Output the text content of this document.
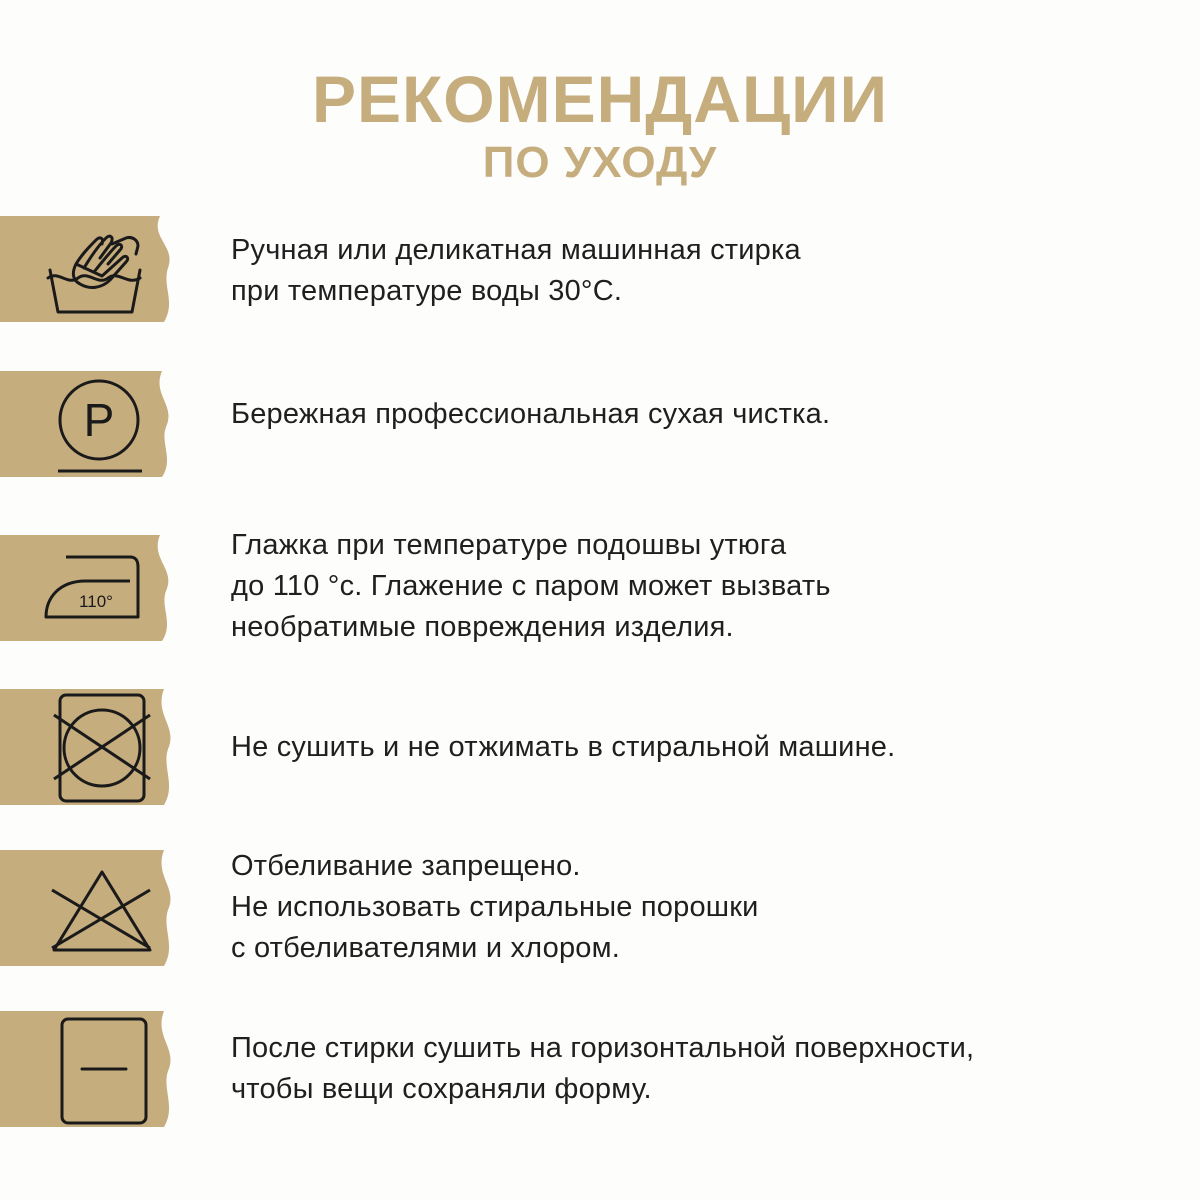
РЕКОМЕНДАЦИИ
ПО УХОДУ

Ручная или деликатная машинная стирка
при температуре воды 30°С.

P	Бережная профессиональная сухая чистка.

110°

Глажка при температуре подошвы утюга
до 110 °с. Глажение с паром может вызвать
необратимые повреждения изделия.

Не сушить и не отжимать в стиральной машине.

Отбеливание запрещено.
Не использовать стиральные порошки
с отбеливателями и хлором.

После стирки сушить на горизонтальной поверхности,
чтобы вещи сохраняли форму.
